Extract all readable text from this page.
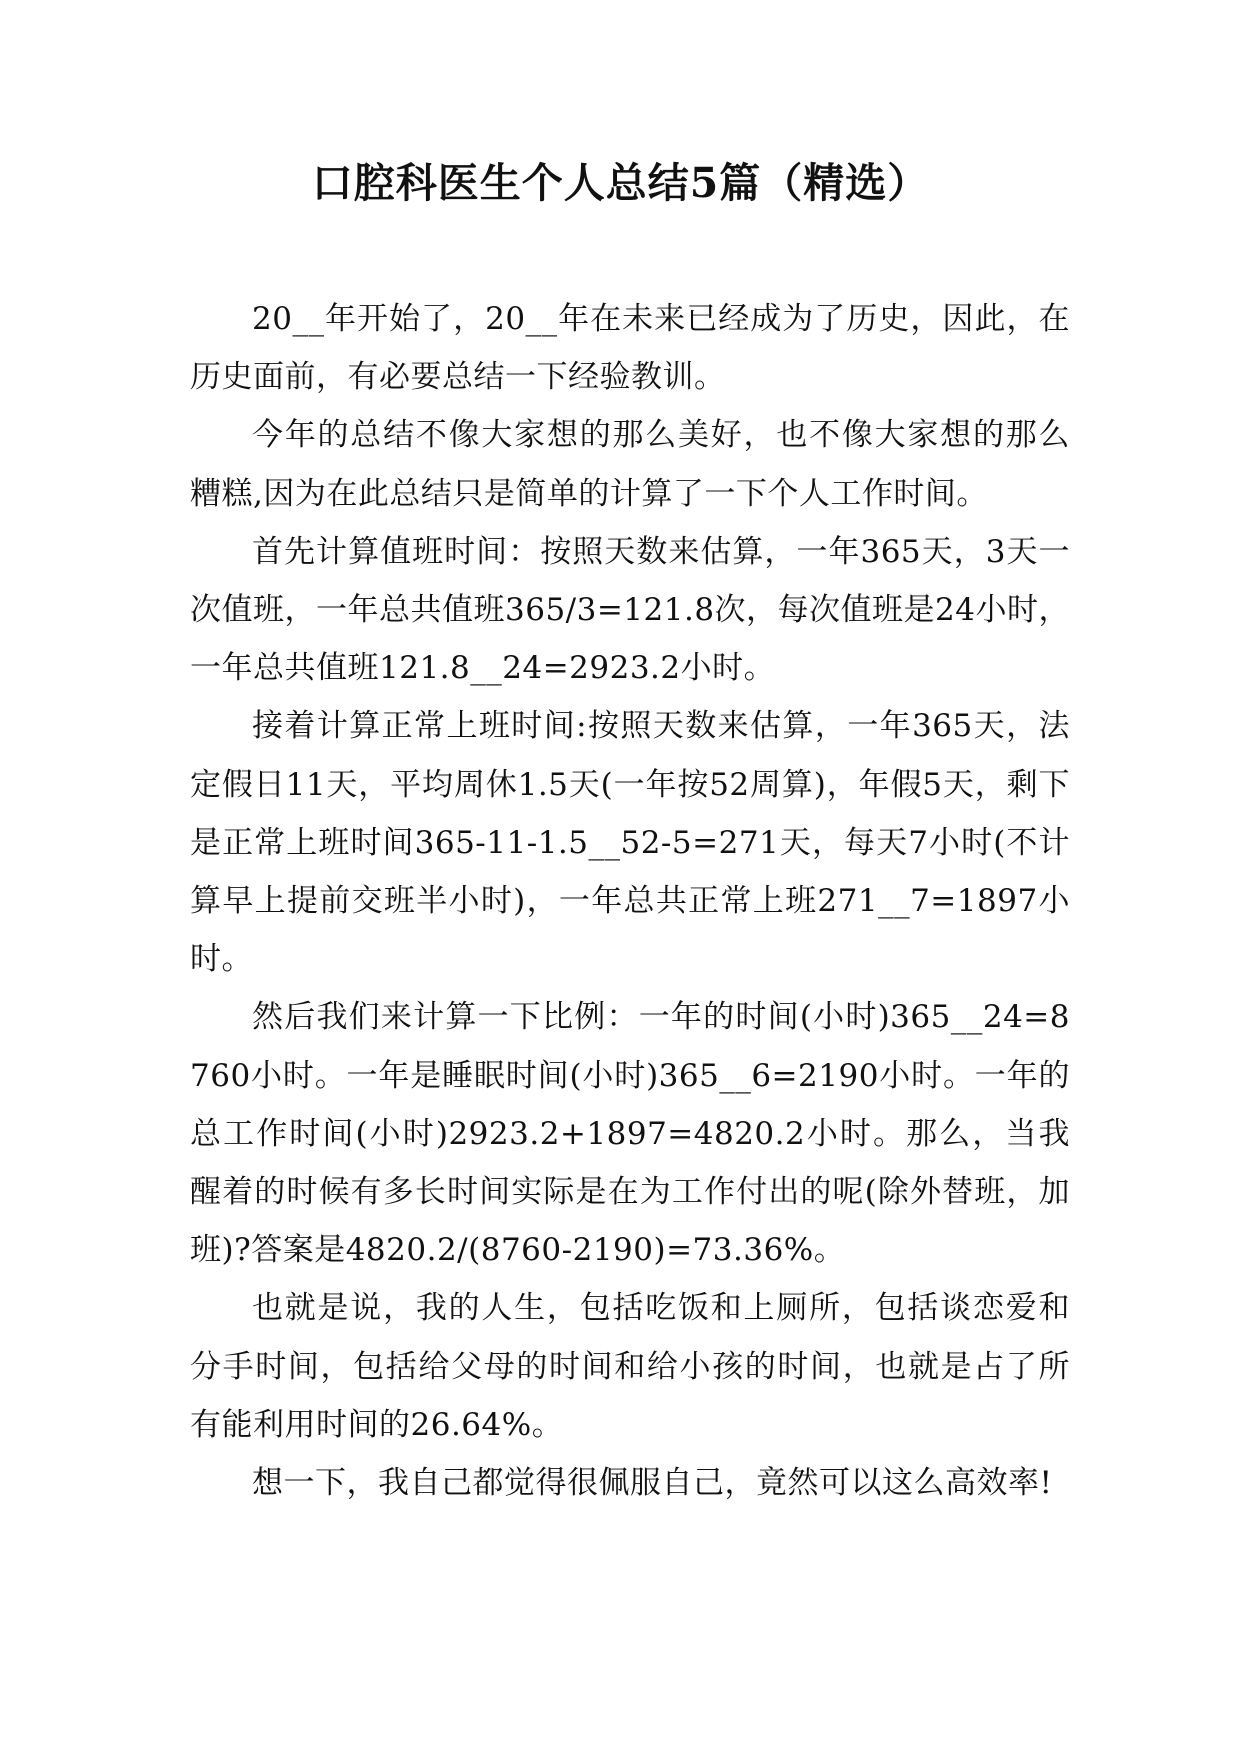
口腔科医生个人总结5篇（精选）

20__年开始了，20__年在未来已经成为了历史，因此，在历史面前，有必要总结一下经验教训。

今年的总结不像大家想的那么美好，也不像大家想的那么糟糕,因为在此总结只是简单的计算了一下个人工作时间。

首先计算值班时间：按照天数来估算，一年365天，3天一次值班，一年总共值班365/3=121.8次，每次值班是24小时，一年总共值班121.8__24=2923.2小时。

接着计算正常上班时间:按照天数来估算，一年365天，法定假日11天，平均周休1.5天(一年按52周算)，年假5天，剩下是正常上班时间365-11-1.5__52-5=271天，每天7小时(不计算早上提前交班半小时)，一年总共正常上班271__7=1897小时。

然后我们来计算一下比例：一年的时间(小时)365__24=8760小时。一年是睡眠时间(小时)365__6=2190小时。一年的总工作时间(小时)2923.2+1897=4820.2小时。那么，当我醒着的时候有多长时间实际是在为工作付出的呢(除外替班，加班)?答案是4820.2/(8760-2190)=73.36%。

也就是说，我的人生，包括吃饭和上厕所，包括谈恋爱和分手时间，包括给父母的时间和给小孩的时间，也就是占了所有能利用时间的26.64%。

想一下，我自己都觉得很佩服自己，竟然可以这么高效率!
